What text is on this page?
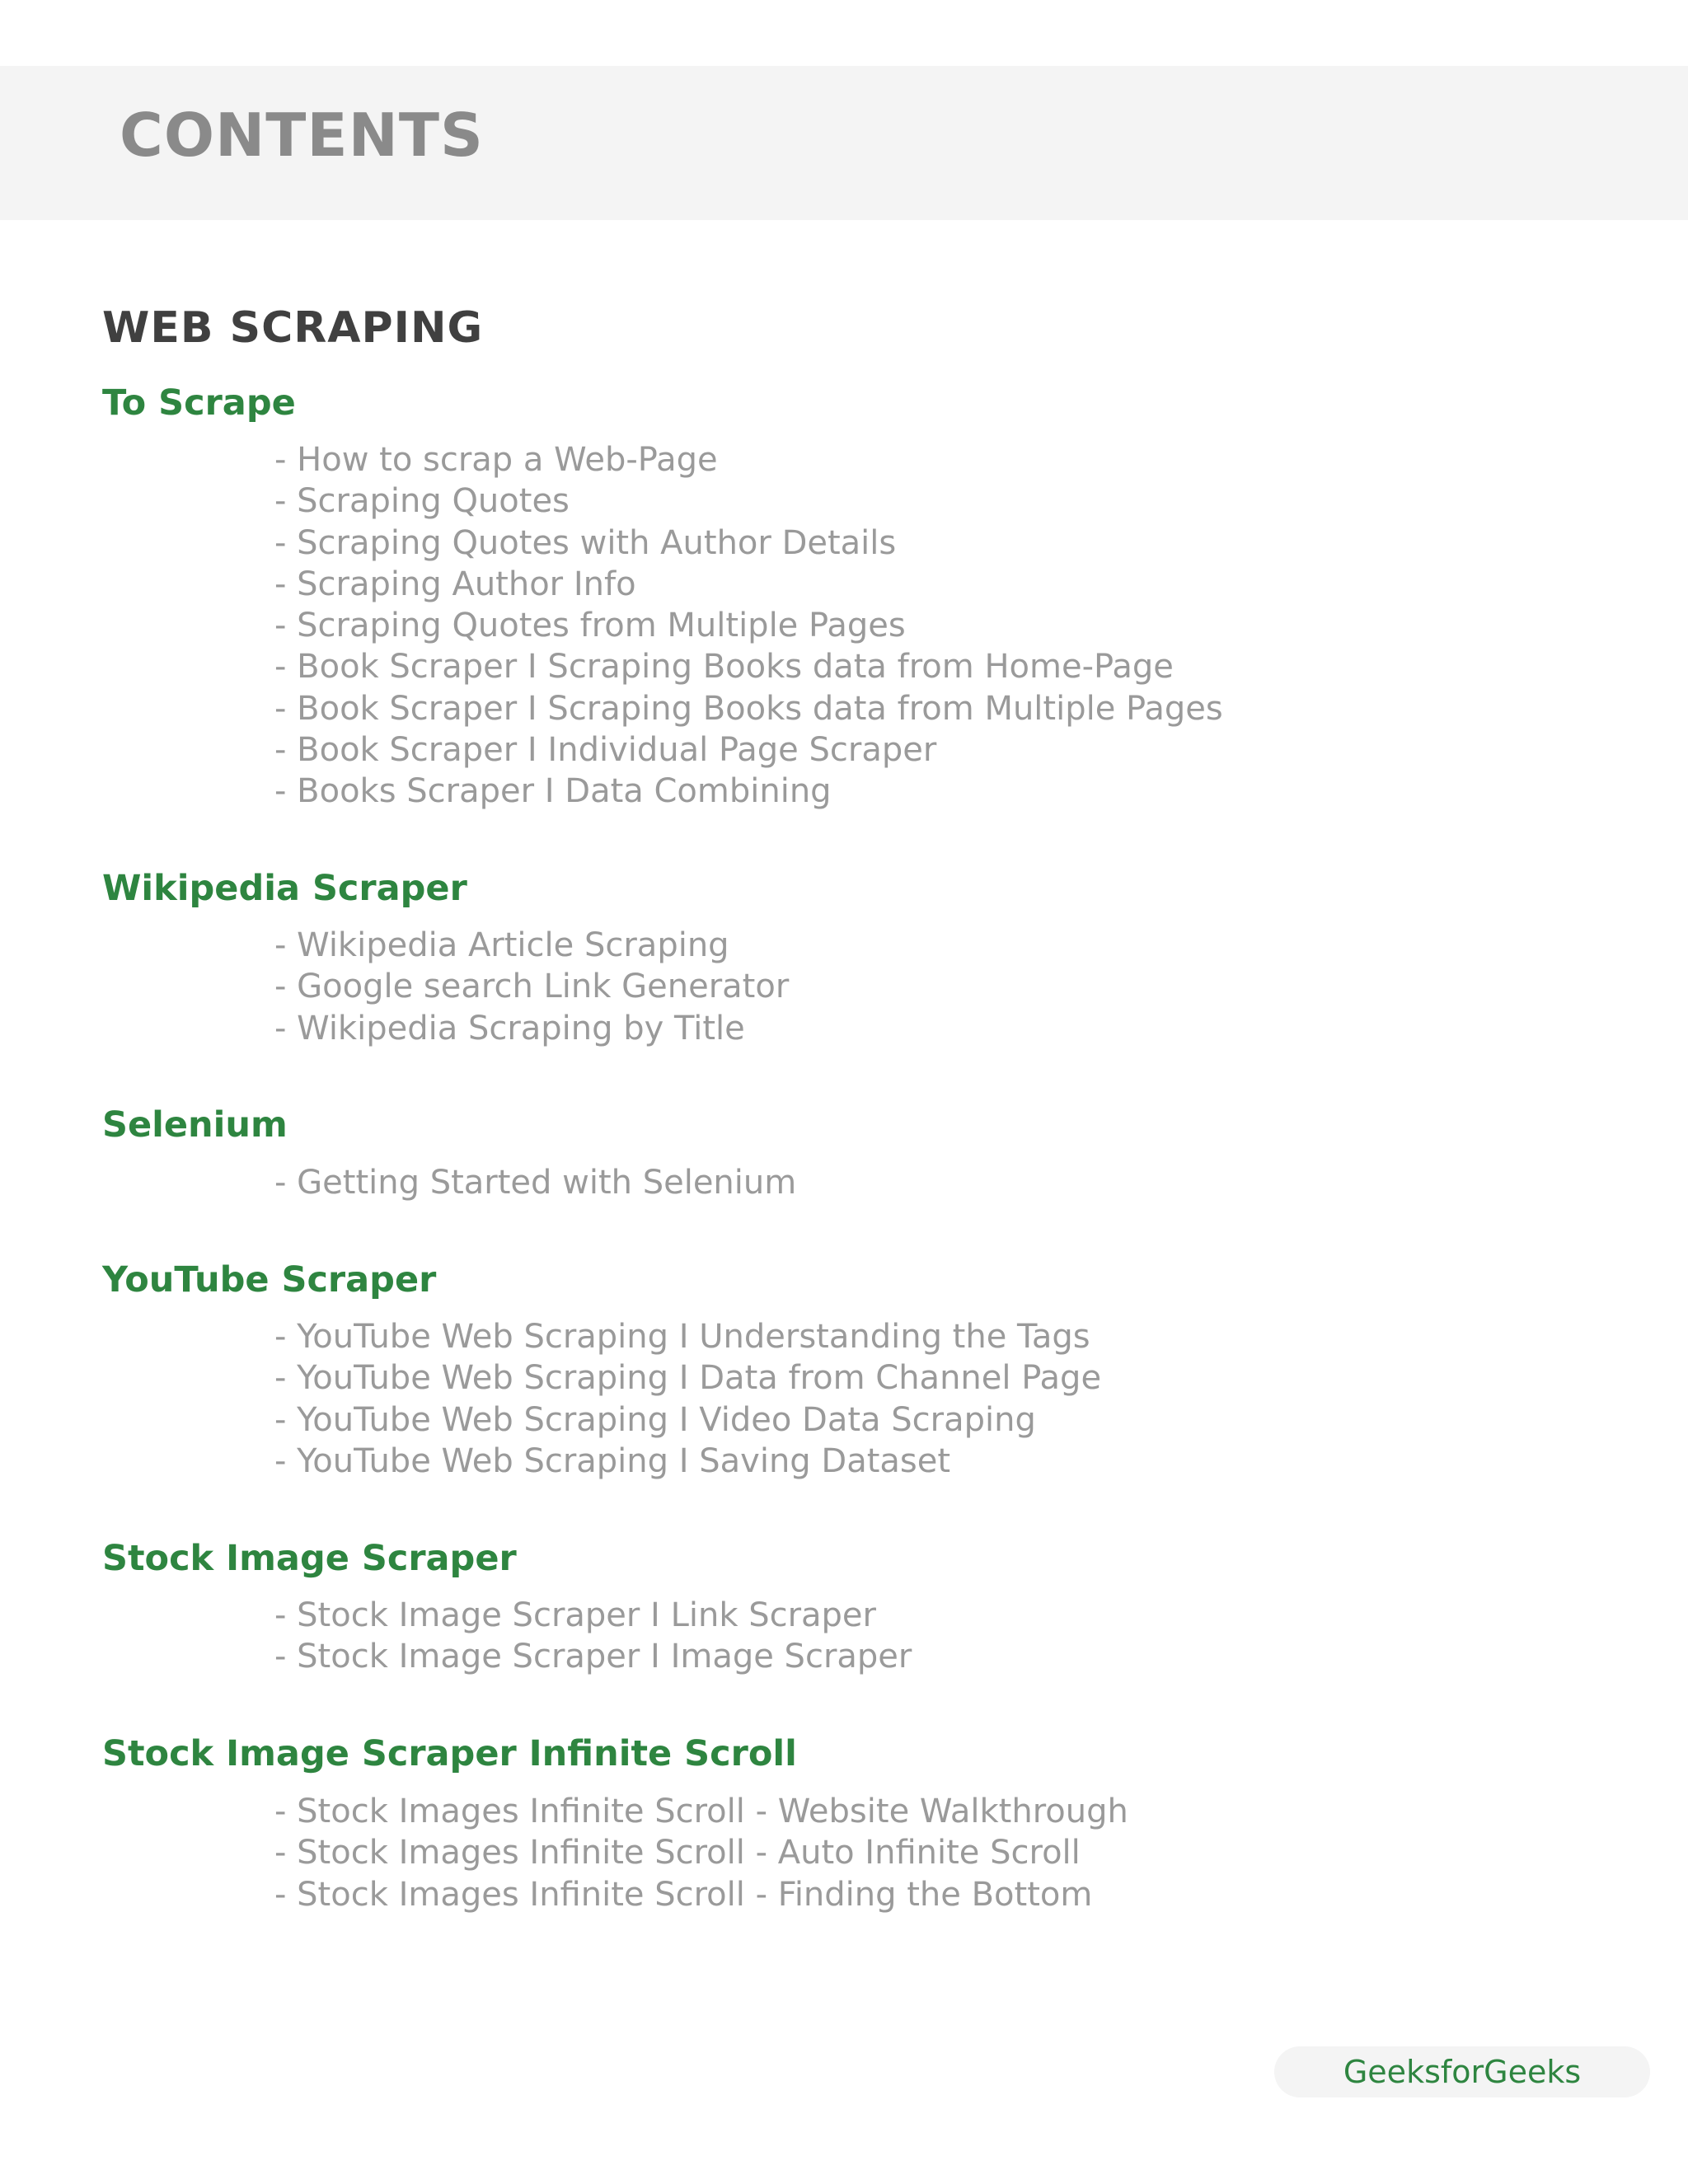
CONTENTS
WEB SCRAPING
To Scrape
- How to scrap a Web-Page
- Scraping Quotes
- Scraping Quotes with Author Details
- Scraping Author Info
- Scraping Quotes from Multiple Pages
- Book Scraper I Scraping Books data from Home-Page
- Book Scraper I Scraping Books data from Multiple Pages
- Book Scraper I Individual Page Scraper
- Books Scraper I Data Combining
Wikipedia Scraper
- Wikipedia Article Scraping
- Google search Link Generator
- Wikipedia Scraping by Title
Selenium
- Getting Started with Selenium
YouTube Scraper
- YouTube Web Scraping I Understanding the Tags
- YouTube Web Scraping I Data from Channel Page
- YouTube Web Scraping I Video Data Scraping
- YouTube Web Scraping I Saving Dataset
Stock Image Scraper
- Stock Image Scraper I Link Scraper
- Stock Image Scraper I Image Scraper
Stock Image Scraper Infinite Scroll
- Stock Images Infinite Scroll - Website Walkthrough
- Stock Images Infinite Scroll - Auto Infinite Scroll
- Stock Images Infinite Scroll - Finding the Bottom
GeeksforGeeks
